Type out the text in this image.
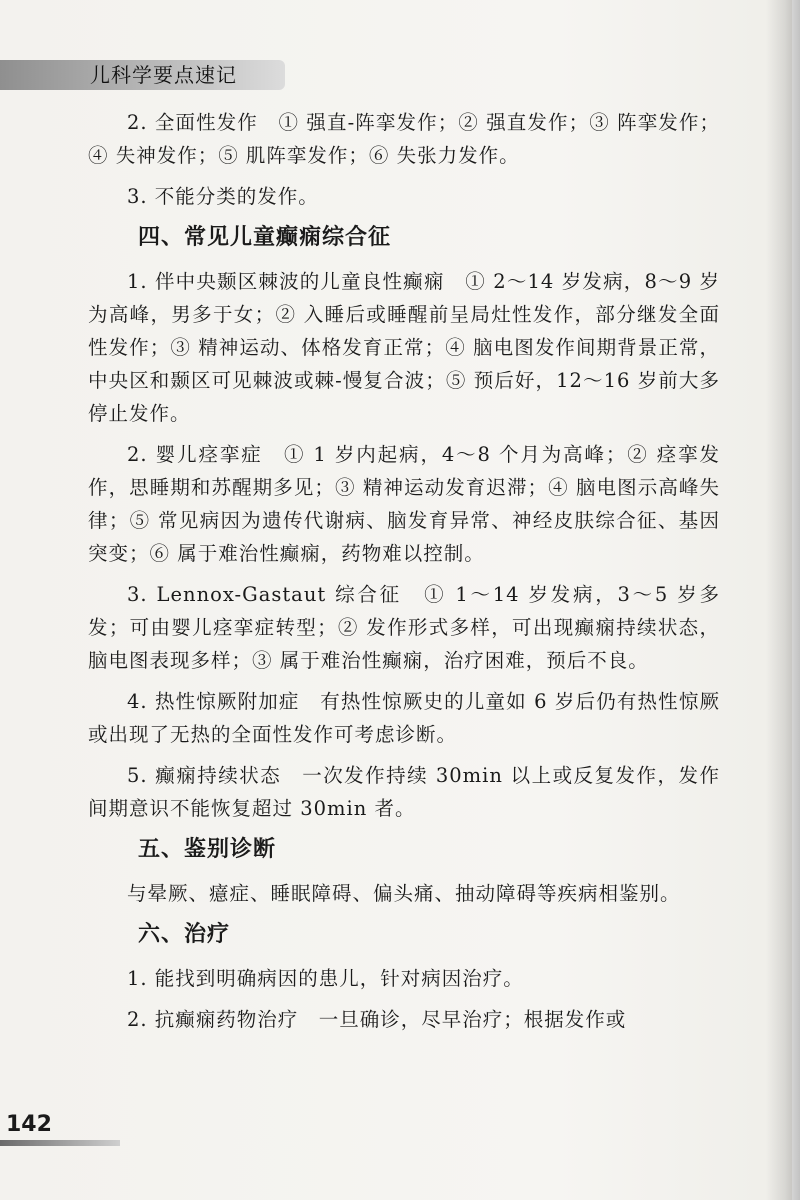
儿科学要点速记

2. 全面性发作　① 强直-阵挛发作；② 强直发作；③ 阵挛发作；④ 失神发作；⑤ 肌阵挛发作；⑥ 失张力发作。

3. 不能分类的发作。

四、常见儿童癫痫综合征

1. 伴中央颞区棘波的儿童良性癫痫　① 2～14 岁发病，8～9 岁为高峰，男多于女；② 入睡后或睡醒前呈局灶性发作，部分继发全面性发作；③ 精神运动、体格发育正常；④ 脑电图发作间期背景正常，中央区和颞区可见棘波或棘-慢复合波；⑤ 预后好，12～16 岁前大多停止发作。

2. 婴儿痉挛症　① 1 岁内起病，4～8 个月为高峰；② 痉挛发作，思睡期和苏醒期多见；③ 精神运动发育迟滞；④ 脑电图示高峰失律；⑤ 常见病因为遗传代谢病、脑发育异常、神经皮肤综合征、基因突变；⑥ 属于难治性癫痫，药物难以控制。

3. Lennox-Gastaut 综合征　① 1～14 岁发病，3～5 岁多发；可由婴儿痉挛症转型；② 发作形式多样，可出现癫痫持续状态，脑电图表现多样；③ 属于难治性癫痫，治疗困难，预后不良。

4. 热性惊厥附加症　有热性惊厥史的儿童如 6 岁后仍有热性惊厥或出现了无热的全面性发作可考虑诊断。

5. 癫痫持续状态　一次发作持续 30min 以上或反复发作，发作间期意识不能恢复超过 30min 者。

五、鉴别诊断

与晕厥、癔症、睡眠障碍、偏头痛、抽动障碍等疾病相鉴别。

六、治疗

1. 能找到明确病因的患儿，针对病因治疗。

2. 抗癫痫药物治疗　一旦确诊，尽早治疗；根据发作或

142
